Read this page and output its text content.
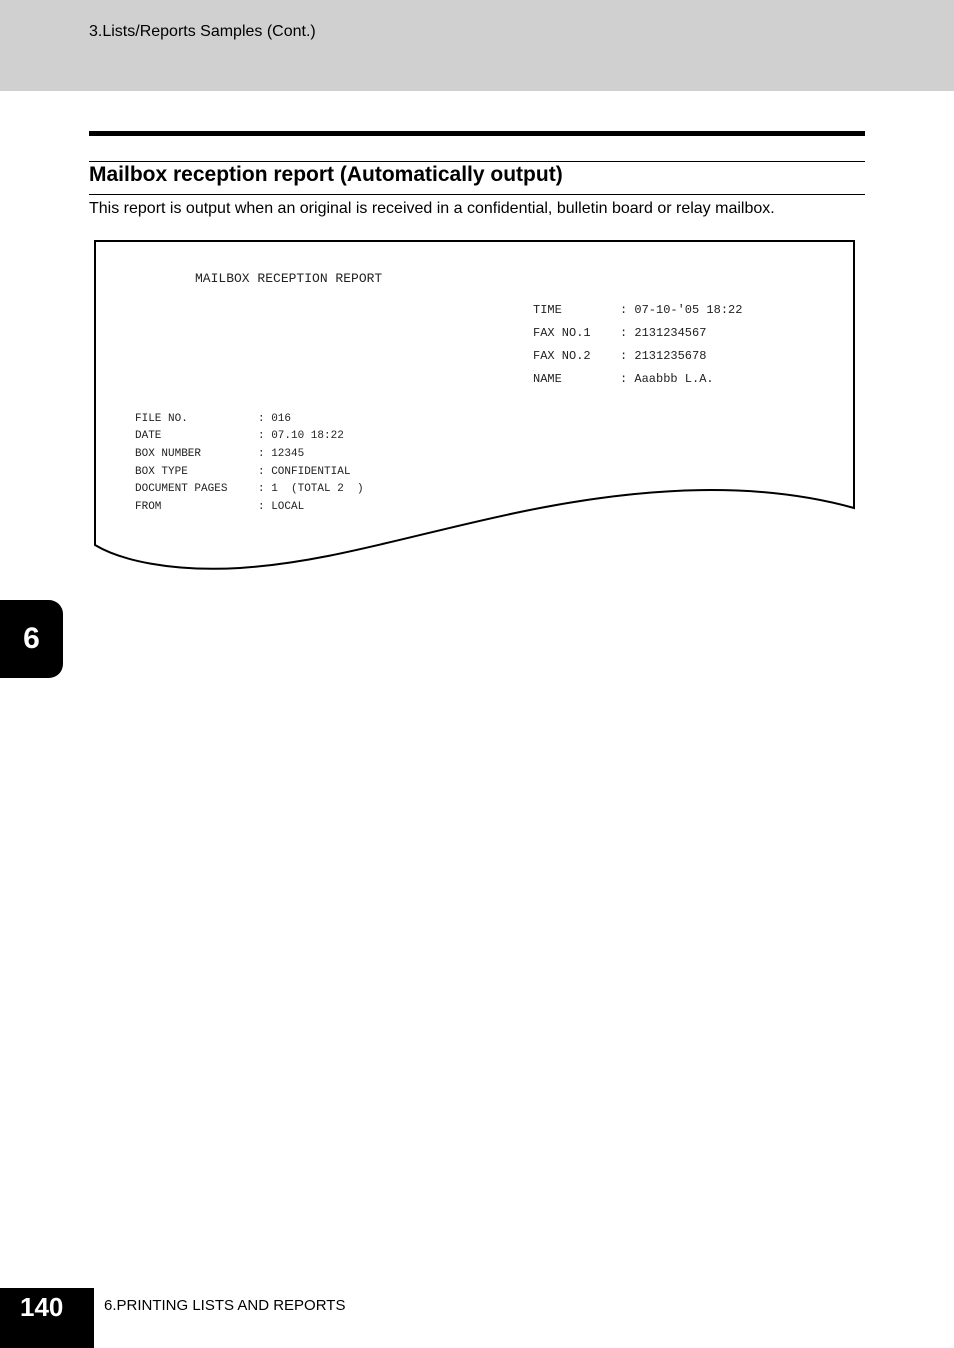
3.Lists/Reports Samples (Cont.)
Mailbox reception report (Automatically output)
This report is output when an original is received in a confidential, bulletin board or relay mailbox.
MAILBOX RECEPTION REPORT
TIME	: 07-10-'05 18:22
FAX NO.1 : 2131234567
FAX NO.2 : 2131235678
NAME	: Aaabbb L.A.
FILE NO.	: 016
DATE	: 07.10 18:22
BOX NUMBER	: 12345
BOX TYPE	: CONFIDENTIAL
DOCUMENT PAGES	: 1  (TOTAL 2  )
FROM	: LOCAL
6
140	6.PRINTING LISTS AND REPORTS
